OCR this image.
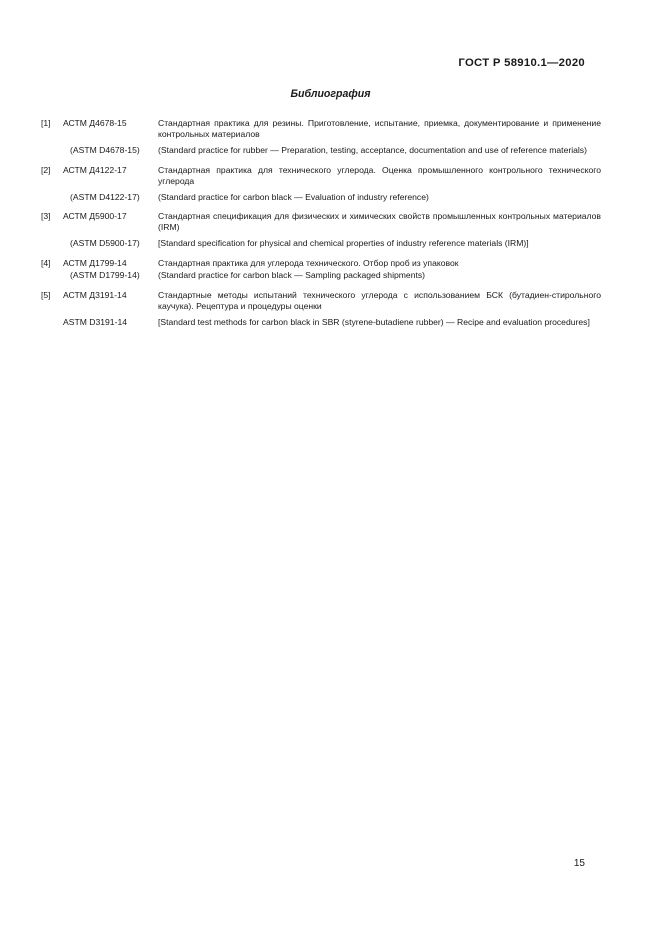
ГОСТ Р 58910.1—2020
Библиография
[1]	АСТМ Д4678-15	Стандартная практика для резины. Приготовление, испытание, приемка, документирование и применение контрольных материалов
(ASTM D4678-15)	(Standard practice for rubber — Preparation, testing, acceptance, documentation and use of reference materials)
[2]	АСТМ Д4122-17	Стандартная практика для технического углерода. Оценка промышленного контрольного технического углерода
(ASTM D4122-17)	(Standard practice for carbon black — Evaluation of industry reference)
[3]	АСТМ Д5900-17	Стандартная спецификация для физических и химических свойств промышленных контрольных материалов (IRM)
(ASTM D5900-17)	[Standard specification for physical and chemical properties of industry reference materials (IRM)]
[4]	АСТМ Д1799-14	Стандартная практика для углерода технического. Отбор проб из упаковок
(ASTM D1799-14)	(Standard practice for carbon black — Sampling packaged shipments)
[5]	АСТМ Д3191-14	Стандартные методы испытаний технического углерода с использованием БСК (бутадиен-стирольного каучука). Рецептура и процедуры оценки
ASTM D3191-14	[Standard test methods for carbon black in SBR (styrene-butadiene rubber) — Recipe and evaluation procedures]
15
